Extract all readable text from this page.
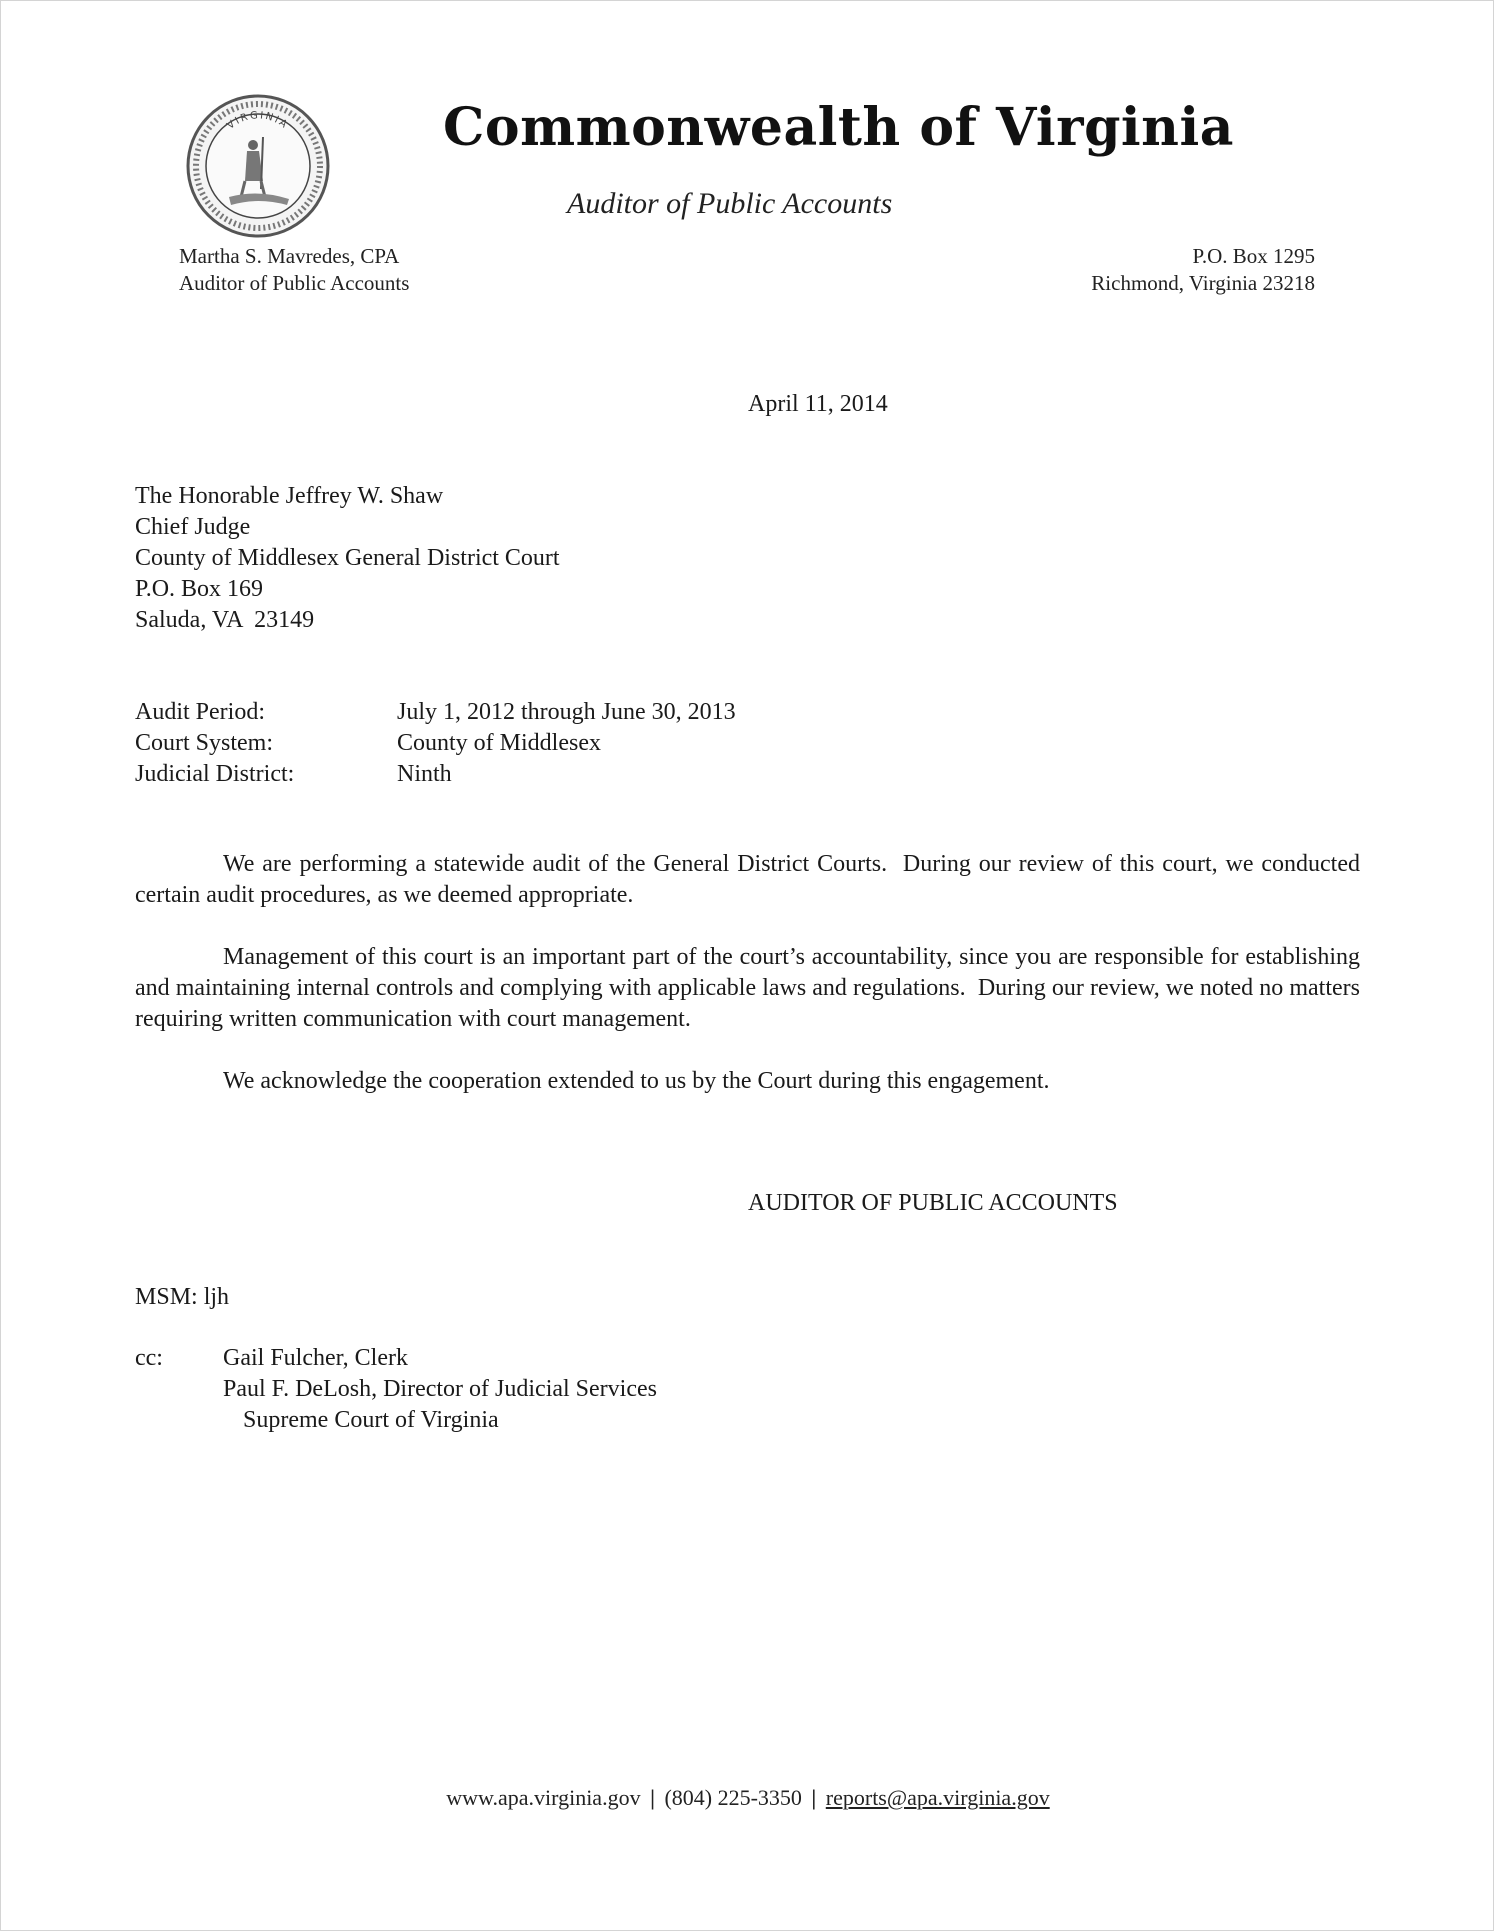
VIRGINIA	Commonwealth of Virginia
Auditor of Public Accounts
Martha S. Mavredes, CPA
Auditor of Public Accounts
P.O. Box 1295
Richmond, Virginia 23218
April 11, 2014
The Honorable Jeffrey W. Shaw
Chief Judge
County of Middlesex General District Court
P.O. Box 169
Saluda, VA  23149
Audit Period:	July 1, 2012 through June 30, 2013
Court System:	County of Middlesex
Judicial District:	Ninth
We are performing a statewide audit of the General District Courts.  During our review of this court, we conducted certain audit procedures, as we deemed appropriate.
Management of this court is an important part of the court’s accountability, since you are responsible for establishing and maintaining internal controls and complying with applicable laws and regulations.  During our review, we noted no matters requiring written communication with court management.
We acknowledge the cooperation extended to us by the Court during this engagement.
AUDITOR OF PUBLIC ACCOUNTS
MSM: ljh
cc:	Gail Fulcher, Clerk
Paul F. DeLosh, Director of Judicial Services
Supreme Court of Virginia
www.apa.virginia.gov | (804) 225-3350 | reports@apa.virginia.gov
